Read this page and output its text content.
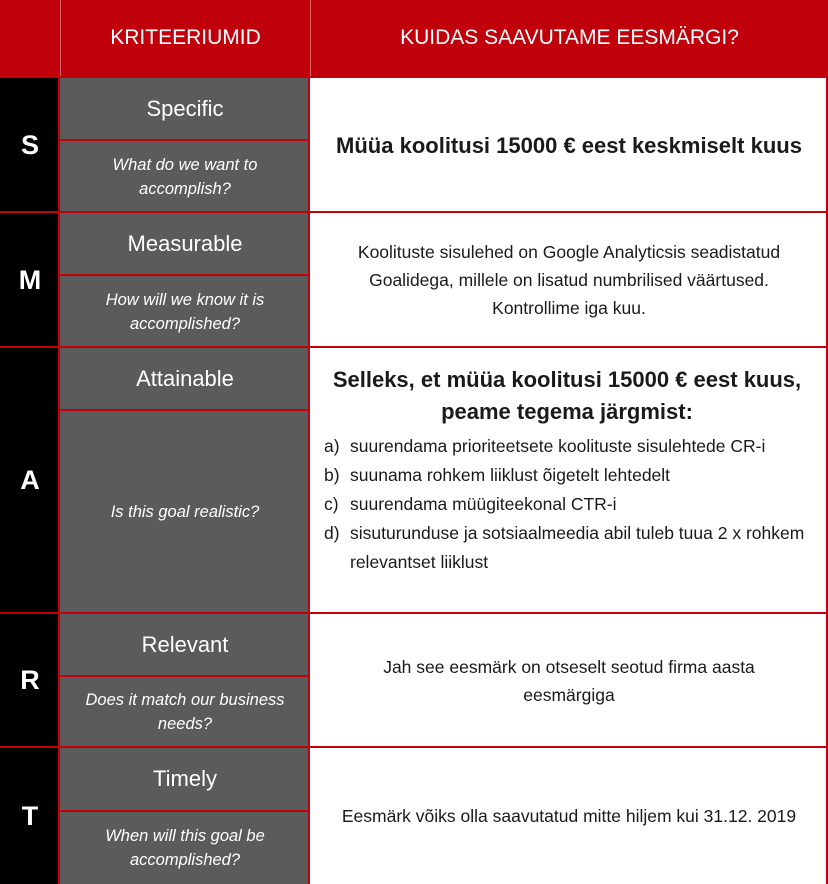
KRITEERIUMID	KUIDAS SAAVUTAME EESMÄRGI?
S
Specific
What do we want to accomplish?
Müüa koolitusi 15000 € eest keskmiselt kuus
M
Measurable
How will we know it is accomplished?
Koolituste sisulehed on Google Analyticsis seadistatud Goalidega, millele on lisatud numbrilised väärtused. Kontrollime iga kuu.
A
Attainable
Is this goal realistic?
Selleks, et müüa koolitusi 15000 € eest kuus, peame tegema järgmist:
a) suurendama prioriteetsete koolituste sisulehtede CR-i
b) suunama rohkem liiklust õigetelt lehtedelt
c) suurendama müügiteekonal CTR-i
d) sisuturunduse ja sotsiaalmeedia abil tuleb tuua 2 x rohkem relevantset liiklust
R
Relevant
Does it match our business needs?
Jah see eesmärk on otseselt seotud firma aasta eesmärgiga
T
Timely
When will this goal be accomplished?
Eesmärk võiks olla saavutatud mitte hiljem kui 31.12. 2019
